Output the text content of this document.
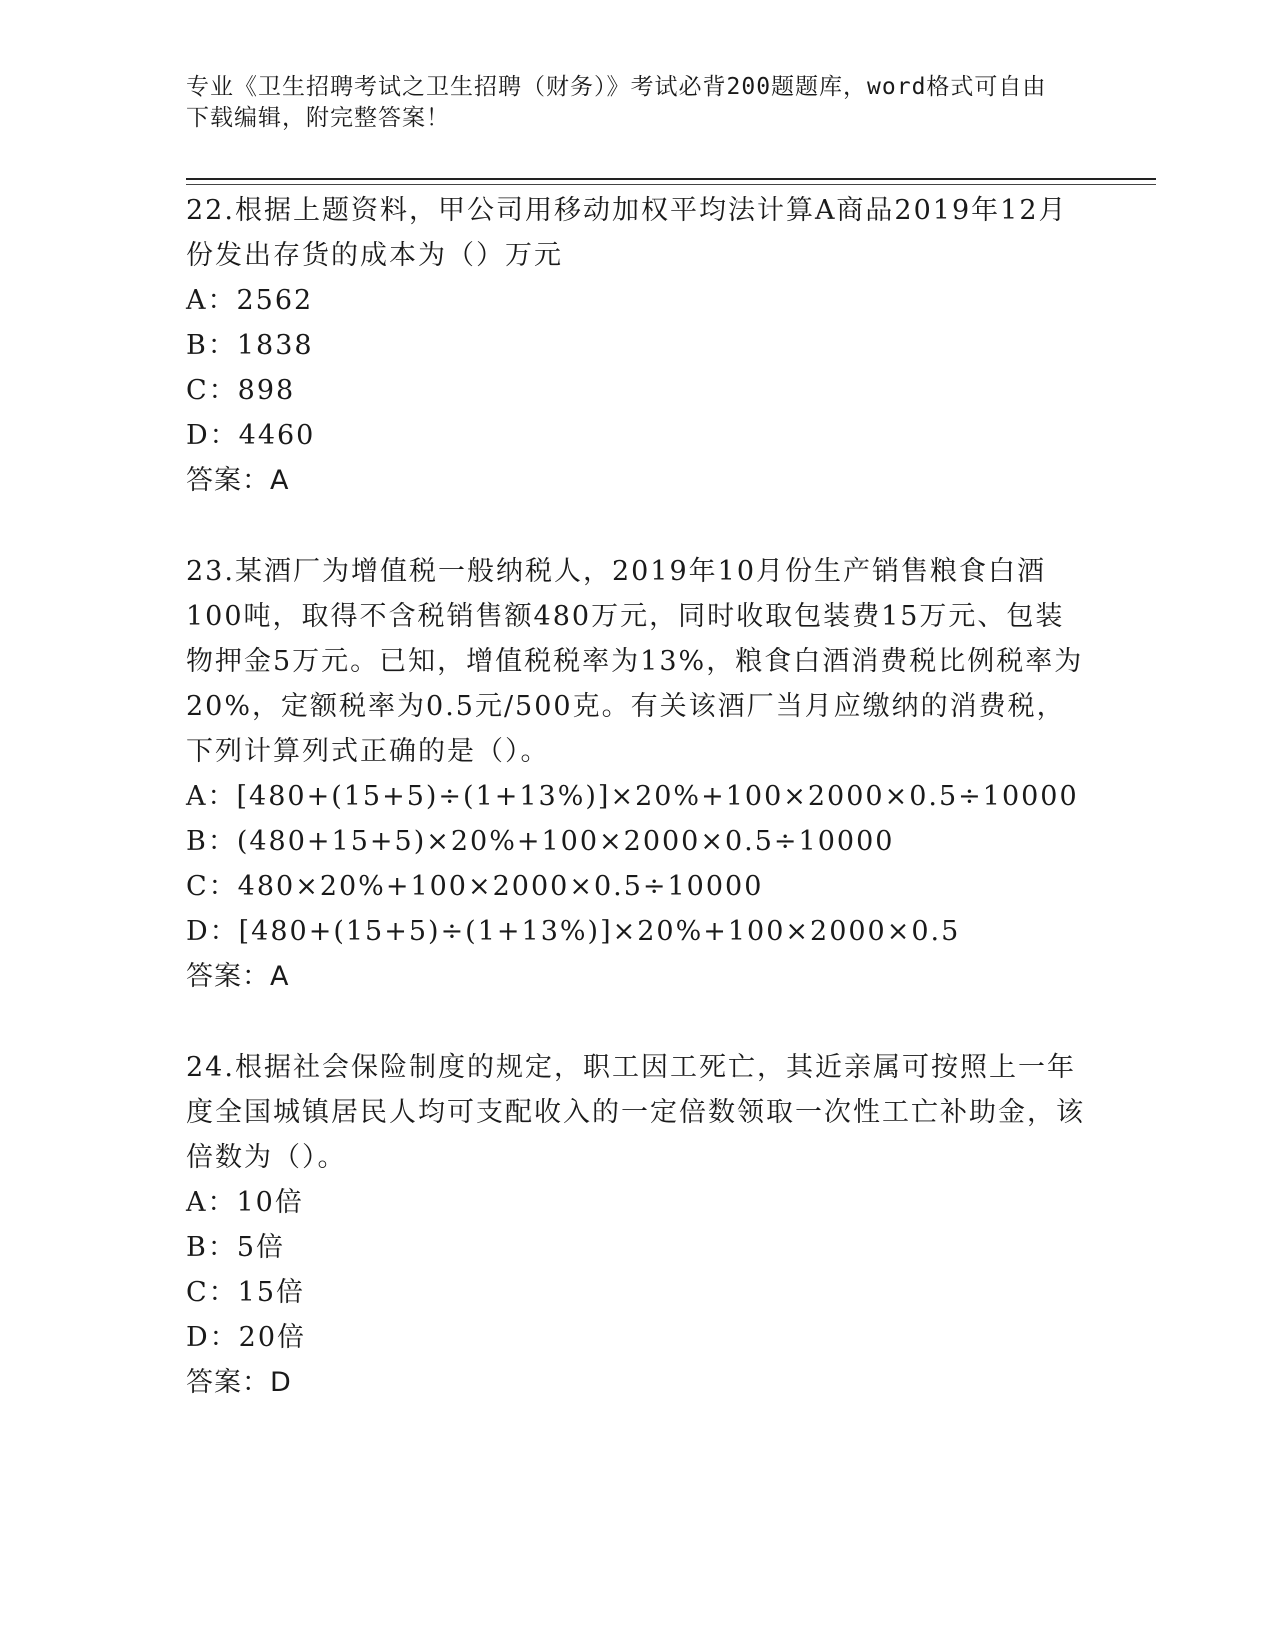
专业《卫生招聘考试之卫生招聘（财务）》考试必背200题题库，word格式可自由下载编辑，附完整答案！

22.根据上题资料，甲公司用移动加权平均法计算A商品2019年12月份发出存货的成本为（）万元

A：2562

B：1838

C：898

D：4460

答案：A

23.某酒厂为增值税一般纳税人，2019年10月份生产销售粮食白酒100吨，取得不含税销售额480万元，同时收取包装费15万元、包装物押金5万元。已知，增值税税率为13%，粮食白酒消费税比例税率为20%，定额税率为0.5元/500克。有关该酒厂当月应缴纳的消费税，下列计算列式正确的是（）。

A：[480+(15+5)÷(1+13%)]×20%+100×2000×0.5÷10000

B：(480+15+5)×20%+100×2000×0.5÷10000

C：480×20%+100×2000×0.5÷10000

D：[480+(15+5)÷(1+13%)]×20%+100×2000×0.5

答案：A

24.根据社会保险制度的规定，职工因工死亡，其近亲属可按照上一年度全国城镇居民人均可支配收入的一定倍数领取一次性工亡补助金，该倍数为（）。

A：10倍

B：5倍

C：15倍

D：20倍

答案：D
